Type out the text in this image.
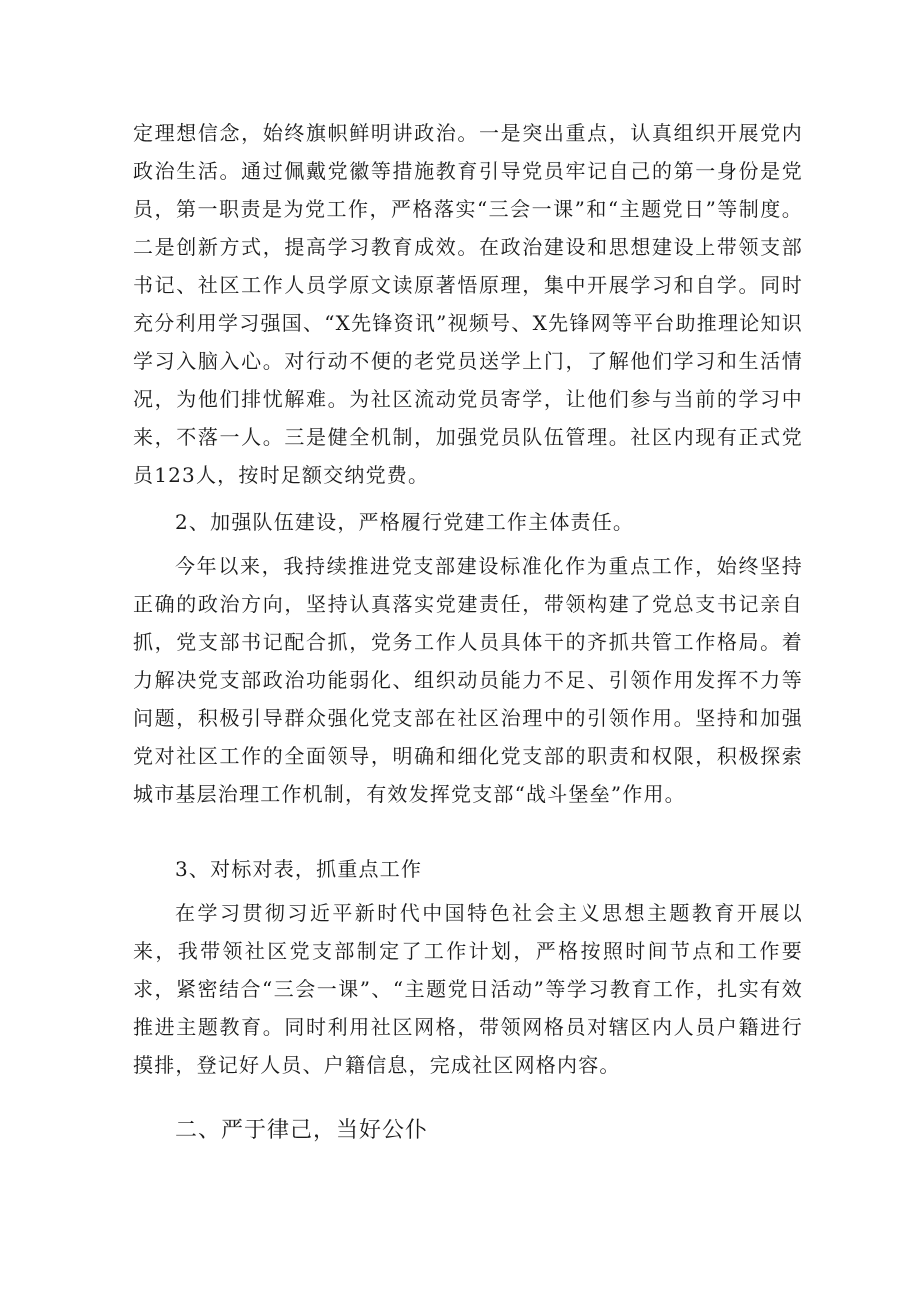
定理想信念，始终旗帜鲜明讲政治。一是突出重点，认真组织开展党内政治生活。通过佩戴党徽等措施教育引导党员牢记自己的第一身份是党员，第一职责是为党工作，严格落实“三会一课”和“主题党日”等制度。二是创新方式，提高学习教育成效。在政治建设和思想建设上带领支部书记、社区工作人员学原文读原著悟原理，集中开展学习和自学。同时充分利用学习强国、“X先锋资讯”视频号、X先锋网等平台助推理论知识学习入脑入心。对行动不便的老党员送学上门，了解他们学习和生活情况，为他们排忧解难。为社区流动党员寄学，让他们参与当前的学习中来，不落一人。三是健全机制，加强党员队伍管理。社区内现有正式党员123人，按时足额交纳党费。

2、加强队伍建设，严格履行党建工作主体责任。

今年以来，我持续推进党支部建设标准化作为重点工作，始终坚持正确的政治方向，坚持认真落实党建责任，带领构建了党总支书记亲自抓，党支部书记配合抓，党务工作人员具体干的齐抓共管工作格局。着力解决党支部政治功能弱化、组织动员能力不足、引领作用发挥不力等问题，积极引导群众强化党支部在社区治理中的引领作用。坚持和加强党对社区工作的全面领导，明确和细化党支部的职责和权限，积极探索城市基层治理工作机制，有效发挥党支部“战斗堡垒”作用。

3、对标对表，抓重点工作

在学习贯彻习近平新时代中国特色社会主义思想主题教育开展以来，我带领社区党支部制定了工作计划，严格按照时间节点和工作要求，紧密结合“三会一课”、“主题党日活动”等学习教育工作，扎实有效推进主题教育。同时利用社区网格，带领网格员对辖区内人员户籍进行摸排，登记好人员、户籍信息，完成社区网格内容。

二、严于律己，当好公仆
